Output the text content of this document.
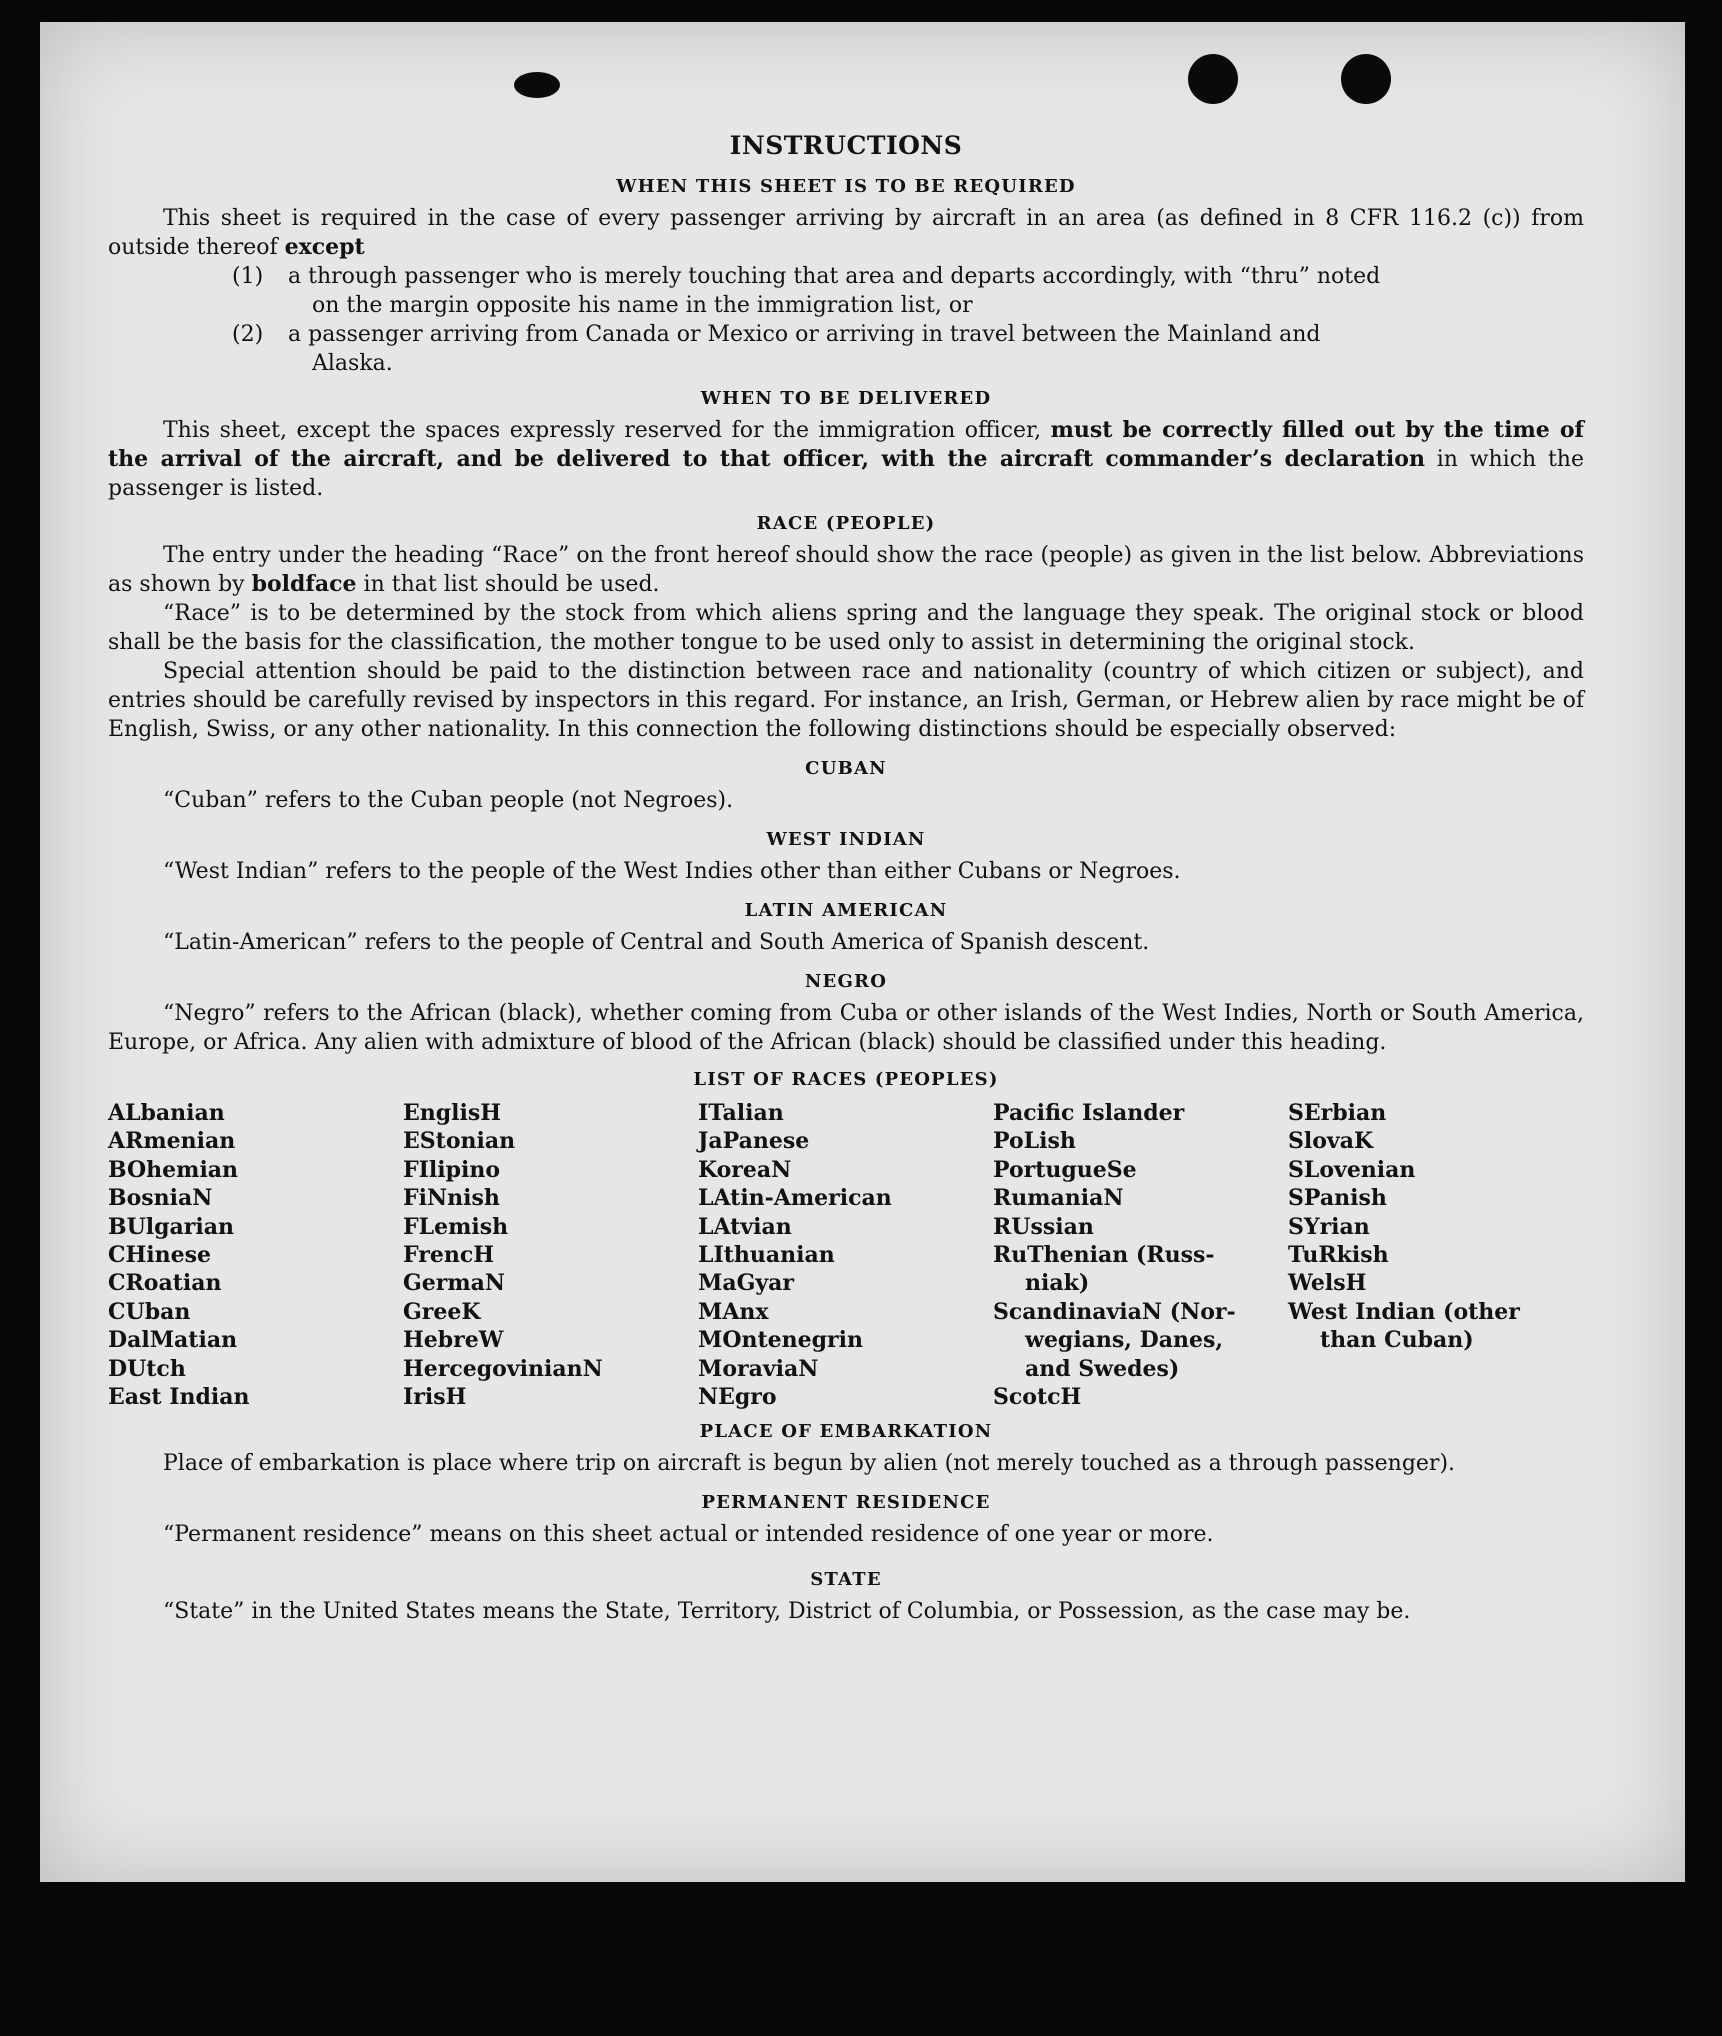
INSTRUCTIONS
WHEN THIS SHEET IS TO BE REQUIRED

This sheet is required in the case of every passenger arriving by aircraft in an area (as defined in 8 CFR 116.2 (c)) from outside thereof except

(1)	a through passenger who is merely touching that area and departs accordingly, with “thru” noted
on the margin opposite his name in the immigration list, or
(2)	a passenger arriving from Canada or Mexico or arriving in travel between the Mainland and
Alaska.
WHEN TO BE DELIVERED

This sheet, except the spaces expressly reserved for the immigration officer, must be correctly filled out by the time of the arrival of the aircraft, and be delivered to that officer, with the aircraft commander’s declaration in which the passenger is listed.

RACE (PEOPLE)

The entry under the heading “Race” on the front hereof should show the race (people) as given in the list below. Abbreviations as shown by boldface in that list should be used.

“Race” is to be determined by the stock from which aliens spring and the language they speak. The original stock or blood shall be the basis for the classification, the mother tongue to be used only to assist in determining the original stock.

Special attention should be paid to the distinction between race and nationality (country of which citizen or subject), and entries should be carefully revised by inspectors in this regard. For instance, an Irish, German, or Hebrew alien by race might be of English, Swiss, or any other nationality. In this connection the following distinctions should be especially observed:

CUBAN

“Cuban” refers to the Cuban people (not Negroes).

WEST INDIAN

“West Indian” refers to the people of the West Indies other than either Cubans or Negroes.

LATIN AMERICAN

“Latin-American” refers to the people of Central and South America of Spanish descent.

NEGRO

“Negro” refers to the African (black), whether coming from Cuba or other islands of the West Indies, North or South America, Europe, or Africa. Any alien with admixture of blood of the African (black) should be classified under this heading.

LIST OF RACES (PEOPLES)
ALbanian
ARmenian
BOhemian
BosniaN
BUlgarian
CHinese
CRoatian
CUban
DalMatian
DUtch
East Indian
EnglisH
EStonian
FIlipino
FiNnish
FLemish
FrencH
GermaN
GreeK
HebreW
HercegovinianN
IrisH
ITalian
JaPanese
KoreaN
LAtin-American
LAtvian
LIthuanian
MaGyar
MAnx
MOntenegrin
MoraviaN
NEgro
Pacific Islander
PoLish
PortugueSe
RumaniaN
RUssian
RuThenian (Russ-
niak)
ScandinaviaN (Nor-
wegians, Danes,
and Swedes)
ScotcH
SErbian
SlovaK
SLovenian
SPanish
SYrian
TuRkish
WelsH
West Indian (other
than Cuban)
PLACE OF EMBARKATION

Place of embarkation is place where trip on aircraft is begun by alien (not merely touched as a through passenger).

PERMANENT RESIDENCE

“Permanent residence” means on this sheet actual or intended residence of one year or more.

STATE

“State” in the United States means the State, Territory, District of Columbia, or Possession, as the case may be.
